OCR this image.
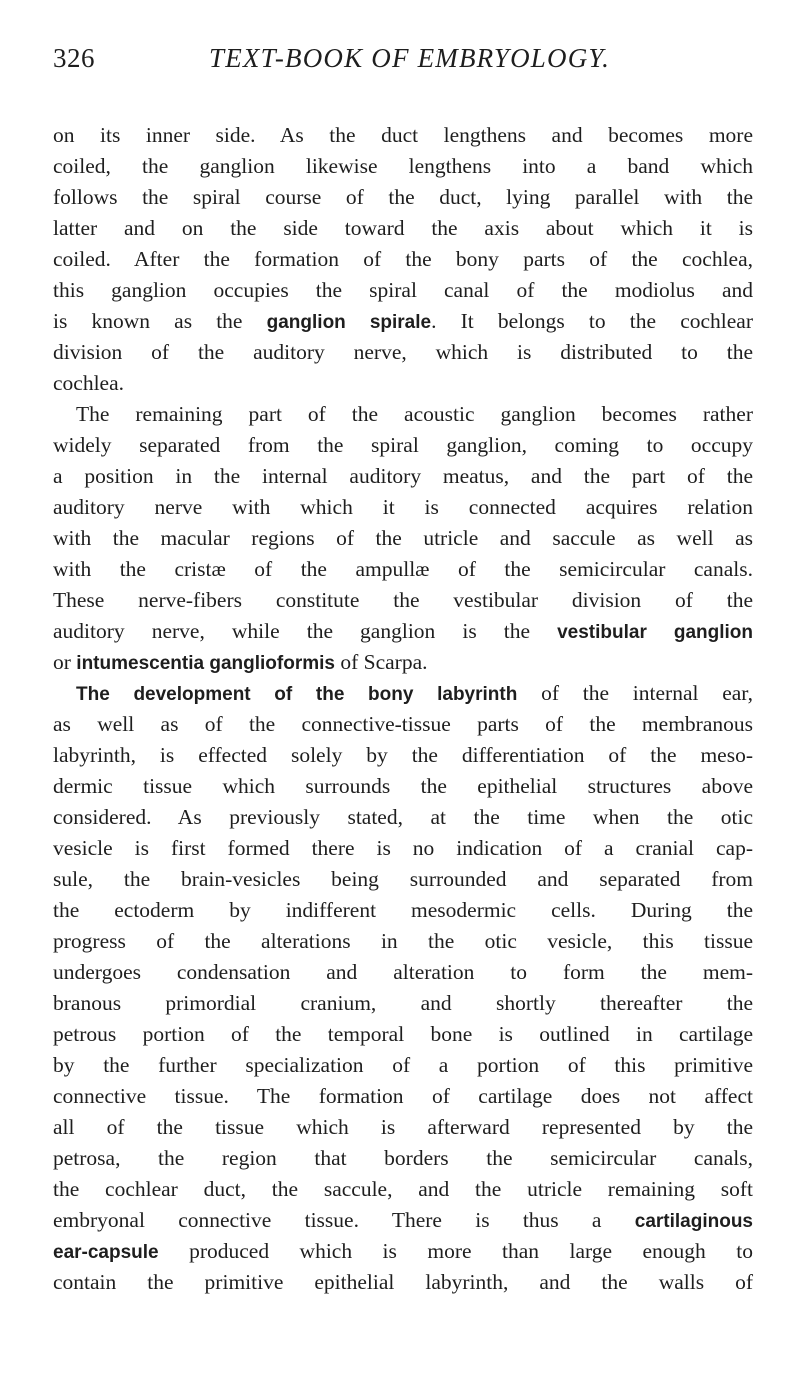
326	TEXT-BOOK OF EMBRYOLOGY.
on its inner side. As the duct lengthens and becomes more
coiled, the ganglion likewise lengthens into a band which
follows the spiral course of the duct, lying parallel with the
latter and on the side toward the axis about which it is
coiled. After the formation of the bony parts of the cochlea,
this ganglion occupies the spiral canal of the modiolus and
is known as the ganglion spirale. It belongs to the cochlear
division of the auditory nerve, which is distributed to the
cochlea.
The remaining part of the acoustic ganglion becomes rather
widely separated from the spiral ganglion, coming to occupy
a position in the internal auditory meatus, and the part of the
auditory nerve with which it is connected acquires relation
with the macular regions of the utricle and saccule as well as
with the cristæ of the ampullæ of the semicircular canals.
These nerve-fibers constitute the vestibular division of the
auditory nerve, while the ganglion is the vestibular ganglion
or intumescentia ganglioformis of Scarpa.
The development of the bony labyrinth of the internal ear,
as well as of the connective-tissue parts of the membranous
labyrinth, is effected solely by the differentiation of the meso-
dermic tissue which surrounds the epithelial structures above
considered. As previously stated, at the time when the otic
vesicle is first formed there is no indication of a cranial cap-
sule, the brain-vesicles being surrounded and separated from
the ectoderm by indifferent mesodermic cells. During the
progress of the alterations in the otic vesicle, this tissue
undergoes condensation and alteration to form the mem-
branous primordial cranium, and shortly thereafter the
petrous portion of the temporal bone is outlined in cartilage
by the further specialization of a portion of this primitive
connective tissue. The formation of cartilage does not affect
all of the tissue which is afterward represented by the
petrosa, the region that borders the semicircular canals,
the cochlear duct, the saccule, and the utricle remaining soft
embryonal connective tissue. There is thus a cartilaginous
ear-capsule produced which is more than large enough to
contain the primitive epithelial labyrinth, and the walls of
